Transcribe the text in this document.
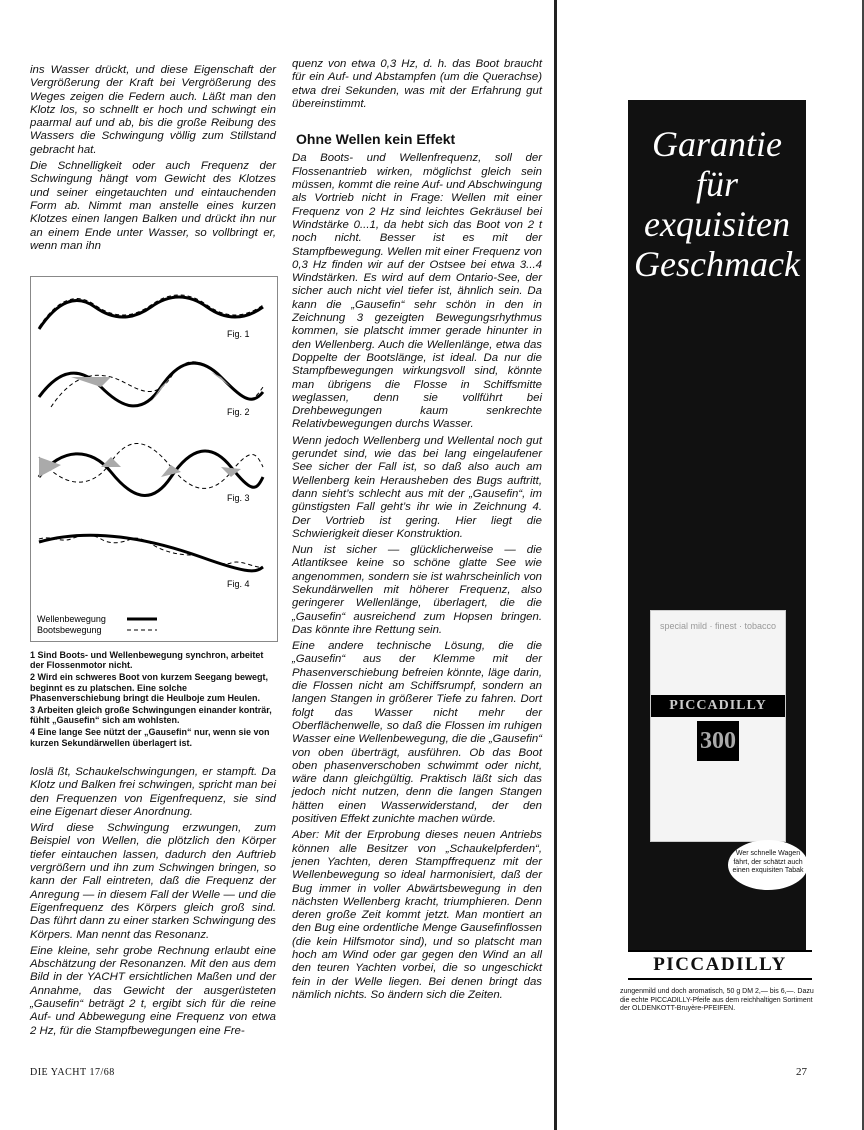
ins Wasser drückt, und diese Eigenschaft der Vergrößerung der Kraft bei Vergrößerung des Weges zeigen die Federn auch. Läßt man den Klotz los, so schnellt er hoch und schwingt ein paarmal auf und ab, bis die große Reibung des Wassers die Schwingung völlig zum Stillstand gebracht hat.

Die Schnelligkeit oder auch Frequenz der Schwingung hängt vom Gewicht des Klotzes und seiner eingetauchten und eintauchenden Form ab. Nimmt man anstelle eines kurzen Klotzes einen langen Balken und drückt ihn nur an einem Ende unter Wasser, so vollbringt er, wenn man ihn

Fig. 1
Fig. 2
Fig. 3
Fig. 4
Wellenbewegung
Bootsbewegung
1 Sind Boots- und Wellenbewegung synchron, arbeitet der Flossenmotor nicht.
2 Wird ein schweres Boot von kurzem Seegang bewegt, beginnt es zu platschen. Eine solche Phasenverschiebung bringt die Heulboje zum Heulen.
3 Arbeiten gleich große Schwingungen einander konträr, fühlt „Gausefin“ sich am wohlsten.
4 Eine lange See nützt der „Gausefin“ nur, wenn sie von kurzen Sekundärwellen überlagert ist.

loslä ßt, Schaukelschwingungen, er stampft. Da Klotz und Balken frei schwingen, spricht man bei den Frequenzen von Eigenfrequenz, sie sind eine Eigenart dieser Anordnung.

Wird diese Schwingung erzwungen, zum Beispiel von Wellen, die plötzlich den Körper tiefer eintauchen lassen, dadurch den Auftrieb vergrößern und ihn zum Schwingen bringen, so kann der Fall eintreten, daß die Frequenz der Anregung — in diesem Fall der Welle — und die Eigenfrequenz des Körpers gleich groß sind. Das führt dann zu einer starken Schwingung des Körpers. Man nennt das Resonanz.

Eine kleine, sehr grobe Rechnung erlaubt eine Abschätzung der Resonanzen. Mit den aus dem Bild in der YACHT ersichtlichen Maßen und der Annahme, das Gewicht der ausgerüsteten „Gausefin“ beträgt 2 t, ergibt sich für die reine Auf- und Abbewegung eine Frequenz von etwa 2 Hz, für die Stampfbewegungen eine Fre-

quenz von etwa 0,3 Hz, d. h. das Boot braucht für ein Auf- und Abstampfen (um die Querachse) etwa drei Sekunden, was mit der Erfahrung gut übereinstimmt.

Ohne Wellen kein Effekt

Da Boots- und Wellenfrequenz, soll der Flossenantrieb wirken, möglichst gleich sein müssen, kommt die reine Auf- und Abschwingung als Vortrieb nicht in Frage: Wellen mit einer Frequenz von 2 Hz sind leichtes Gekräusel bei Windstärke 0...1, da hebt sich das Boot von 2 t noch nicht. Besser ist es mit der Stampfbewegung. Wellen mit einer Frequenz von 0,3 Hz finden wir auf der Ostsee bei etwa 3...4 Windstärken. Es wird auf dem Ontario-See, der sicher auch nicht viel tiefer ist, ähnlich sein. Da kann die „Gausefin“ sehr schön in den in Zeichnung 3 gezeigten Bewegungsrhythmus kommen, sie platscht immer gerade hinunter in den Wellenberg. Auch die Wellenlänge, etwa das Doppelte der Bootslänge, ist ideal. Da nur die Stampfbewegungen wirkungsvoll sind, könnte man übrigens die Flosse in Schiffsmitte weglassen, denn sie vollführt bei Drehbewegungen kaum senkrechte Relativbewegungen durchs Wasser.

Wenn jedoch Wellenberg und Wellental noch gut gerundet sind, wie das bei lang eingelaufener See sicher der Fall ist, so daß also auch am Wellenberg kein Herausheben des Bugs auftritt, dann sieht’s schlecht aus mit der „Gausefin“, im günstigsten Fall geht’s ihr wie in Zeichnung 4. Der Vortrieb ist gering. Hier liegt die Schwierigkeit dieser Konstruktion.

Nun ist sicher — glücklicherweise — die Atlantiksee keine so schöne glatte See wie angenommen, sondern sie ist wahrscheinlich von Sekundärwellen mit höherer Frequenz, also geringerer Wellenlänge, überlagert, die die „Gausefin“ ausreichend zum Hopsen bringen. Das könnte ihre Rettung sein.

Eine andere technische Lösung, die die „Gausefin“ aus der Klemme mit der Phasenverschiebung befreien könnte, läge darin, die Flossen nicht am Schiffsrumpf, sondern an langen Stangen in größerer Tiefe zu fahren. Dort folgt das Wasser nicht mehr der Oberflächenwelle, so daß die Flossen im ruhigen Wasser eine Wellenbewegung, die die „Gausefin“ von oben überträgt, ausführen. Ob das Boot oben phasenverschoben schwimmt oder nicht, wäre dann gleichgültig. Praktisch läßt sich das jedoch nicht nutzen, denn die langen Stangen hätten einen Wasserwiderstand, der den positiven Effekt zunichte machen würde.

Aber: Mit der Erprobung dieses neuen Antriebs können alle Besitzer von „Schaukelpferden“, jenen Yachten, deren Stampffrequenz mit der Wellenbewegung so ideal harmonisiert, daß der Bug immer in voller Abwärtsbewegung in den nächsten Wellenberg kracht, triumphieren. Denn deren große Zeit kommt jetzt. Man montiert an den Bug eine ordentliche Menge Gausefinflossen (die kein Hilfsmotor sind), und so platscht man hoch am Wind oder gar gegen den Wind an all den teuren Yachten vorbei, die so ungeschickt fein in der Welle liegen. Bei denen bringt das nämlich nichts. So ändern sich die Zeiten.

Garantie für exquisiten Geschmack
special mild · finest · tobacco
PICCADILLY
300
Wer schnelle Wagen fährt, der schätzt auch einen exquisiten Tabak
PICCADILLY
zungenmild und doch aromatisch, 50 g DM 2,— bis 6,—. Dazu die echte PICCADILLY-Pfeife aus dem reichhaltigen Sortiment der OLDENKOTT-Bruyère-PFEIFEN.
DIE YACHT 17/68	27
